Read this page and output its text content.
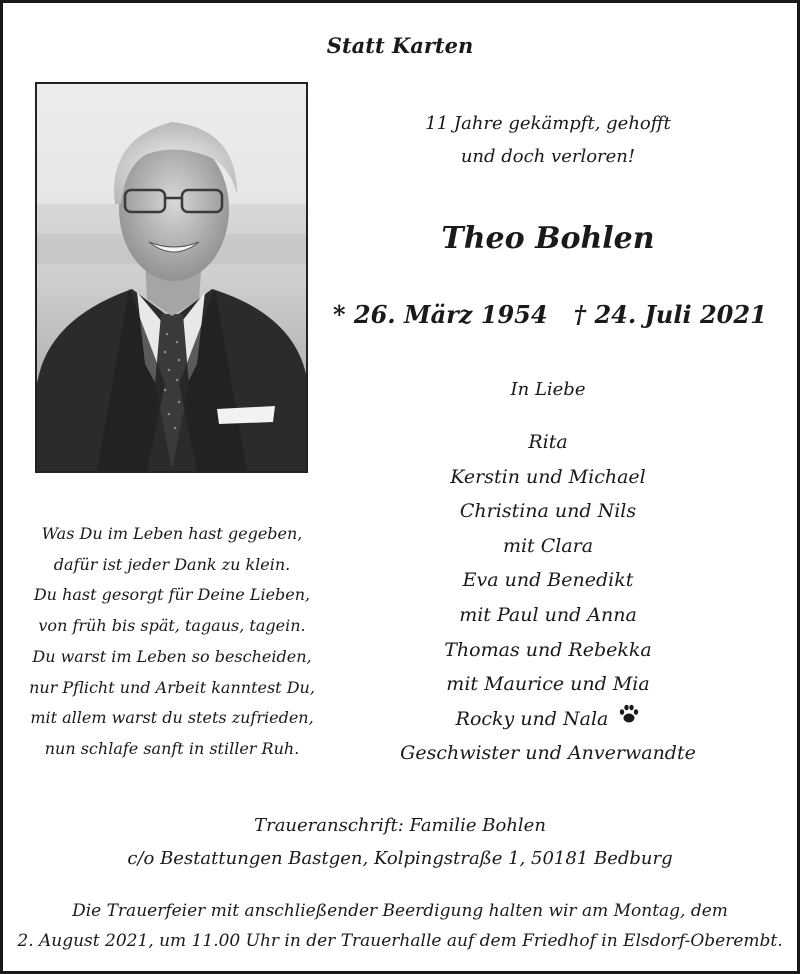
Statt Karten
11 Jahre gekämpft, gehofft
und doch verloren!
Theo Bohlen
* 26. März 1954 † 24. Juli 2021
In Liebe
Rita
Kerstin und Michael
Christina und Nils
mit Clara
Eva und Benedikt
mit Paul und Anna
Thomas und Rebekka
mit Maurice und Mia
Rocky und Nala
Geschwister und Anverwandte
Was Du im Leben hast gegeben,
dafür ist jeder Dank zu klein.
Du hast gesorgt für Deine Lieben,
von früh bis spät, tagaus, tagein.
Du warst im Leben so bescheiden,
nur Pflicht und Arbeit kanntest Du,
mit allem warst du stets zufrieden,
nun schlafe sanft in stiller Ruh.
Traueranschrift: Familie Bohlen
c/o Bestattungen Bastgen, Kolpingstraße 1, 50181 Bedburg
Die Trauerfeier mit anschließender Beerdigung halten wir am Montag, dem
2. August 2021, um 11.00 Uhr in der Trauerhalle auf dem Friedhof in Elsdorf-Oberembt.
